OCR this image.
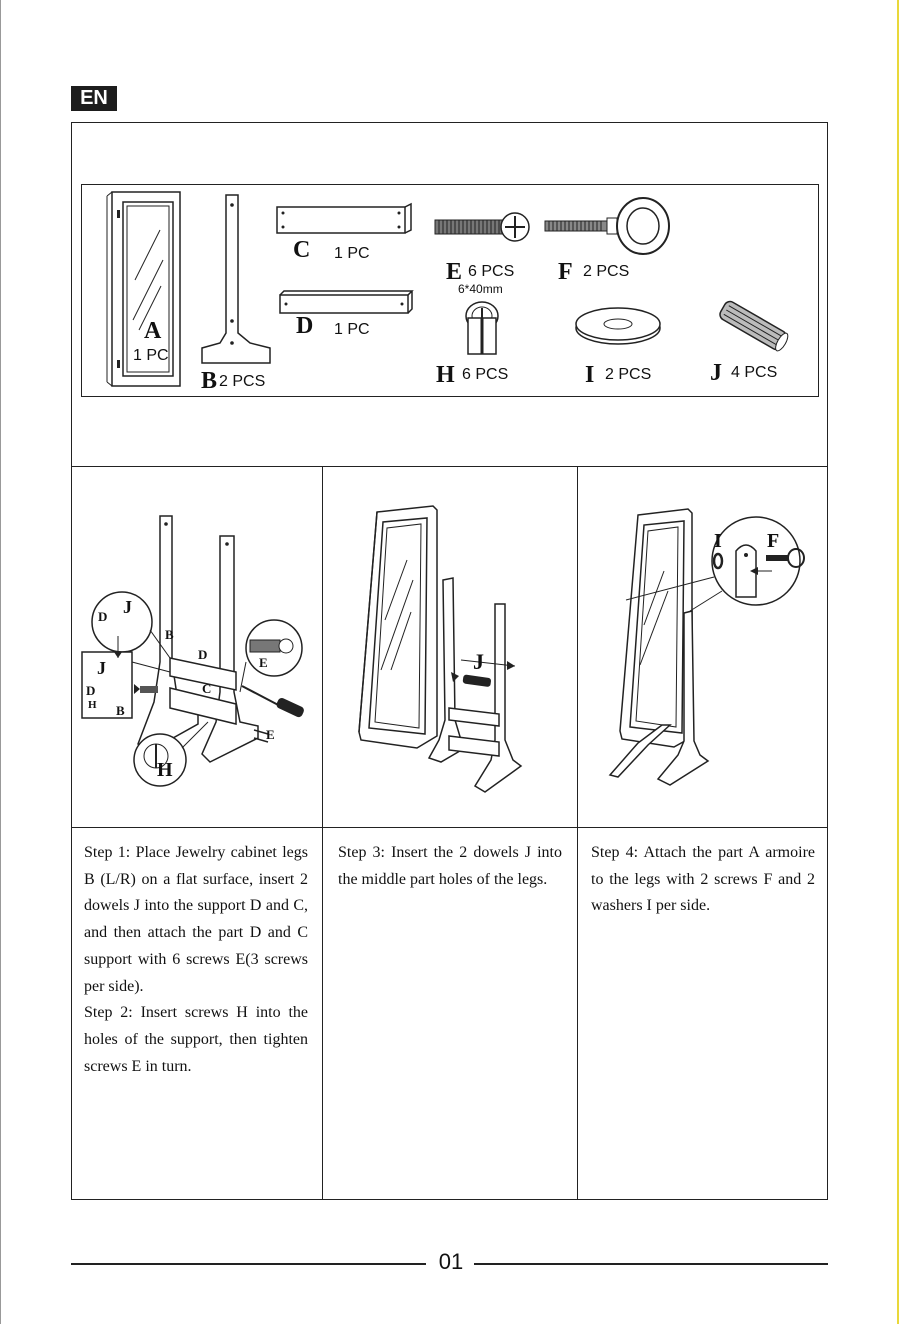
EN
A
1 PC
B 2 PCS
C 1 PC
D 1 PC
E 6 PCS
6*40mm
F 2 PCS
H 6 PCS	I 2 PCS J 4 PCS
D J
B
D
E
J
C
D
H B
E
H
J
I F

Step 1: Place Jewelry cabinet legs B (L/R) on a flat surface, insert 2 dowels J into the support D and C, and then attach the part D and C support with 6 screws E(3 screws per side).

Step 2: Insert screws H into the holes of the support, then tighten screws E in turn.

Step 3: Insert the 2 dowels J into the middle part holes of the legs.

Step 4: Attach the part A armoire to the legs with 2 screws F and 2 washers I per side.

01
